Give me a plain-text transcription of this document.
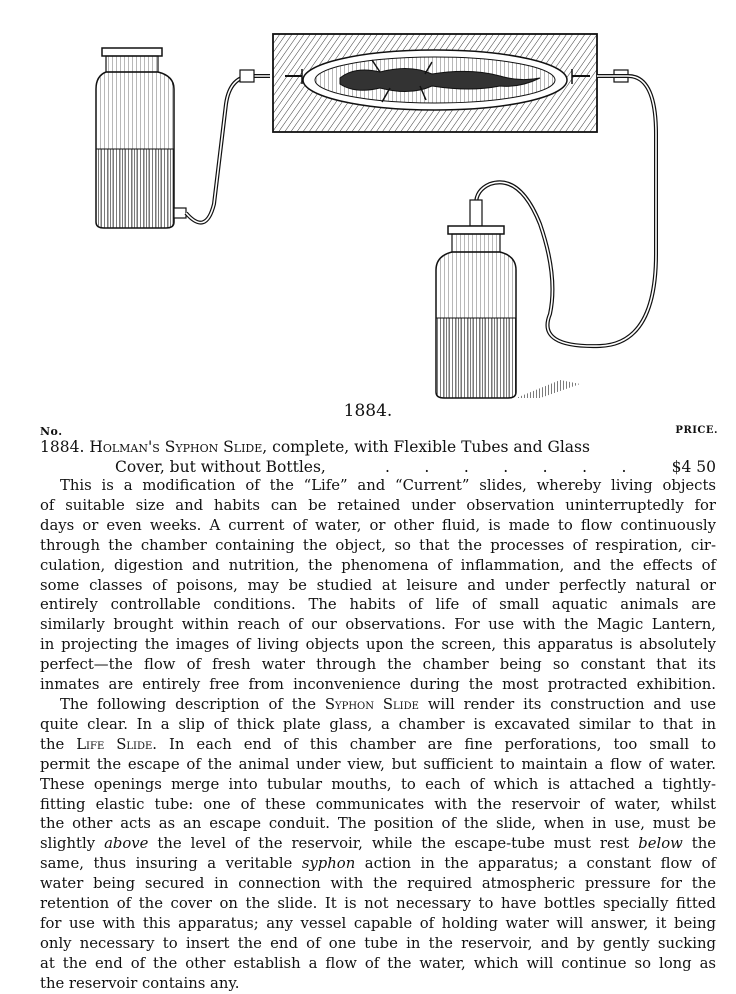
1884.
No.	PRICE.
1884. Holman's Syphon Slide, complete, with Flexible Tubes and Glass
Cover, but without Bottles,	.       .       .       .       .       .       .	$4 50

This is a modification of the “Life” and “Current” slides, whereby living objects
of suitable size and habits can be retained under observation uninterruptedly for
days or even weeks. A current of water, or other fluid, is made to flow continuously
through the chamber containing the object, so that the processes of respiration, cir-
culation, digestion and nutrition, the phenomena of inflammation, and the effects of
some classes of poisons, may be studied at leisure and under perfectly natural or
entirely controllable conditions. The habits of life of small aquatic animals are
similarly brought within reach of our observations. For use with the Magic Lantern,
in projecting the images of living objects upon the screen, this apparatus is absolutely
perfect—the flow of fresh water through the chamber being so constant that its
inmates are entirely free from inconvenience during the most protracted exhibition.

The following description of the Syphon Slide will render its construction and use
quite clear. In a slip of thick plate glass, a chamber is excavated similar to that in
the Life Slide. In each end of this chamber are fine perforations, too small to
permit the escape of the animal under view, but sufficient to maintain a flow of water.
These openings merge into tubular mouths, to each of which is attached a tightly-
fitting elastic tube: one of these communicates with the reservoir of water, whilst
the other acts as an escape conduit. The position of the slide, when in use, must be
slightly above the level of the reservoir, while the escape-tube must rest below the
same, thus insuring a veritable syphon action in the apparatus; a constant flow of
water being secured in connection with the required atmospheric pressure for the
retention of the cover on the slide. It is not necessary to have bottles specially fitted
for use with this apparatus; any vessel capable of holding water will answer, it being
only necessary to insert the end of one tube in the reservoir, and by gently sucking
at the end of the other establish a flow of the water, which will continue so long as
the reservoir contains any.
